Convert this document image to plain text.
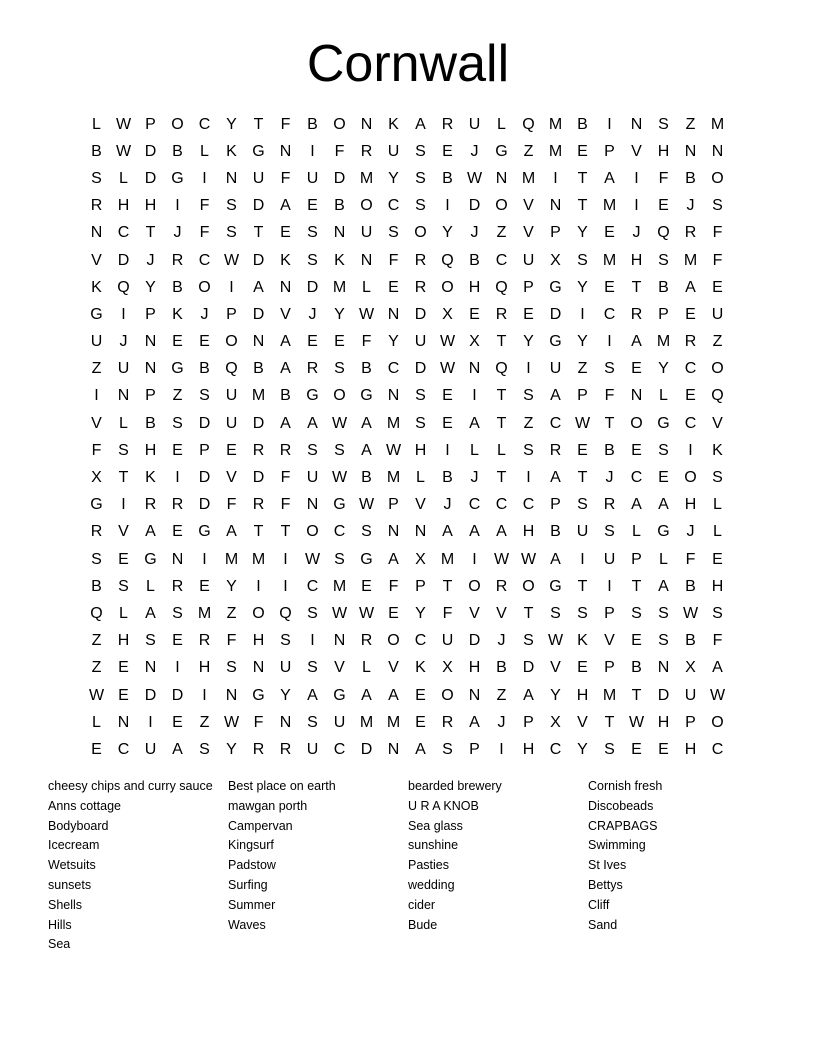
Cornwall
L W P O C Y	T	F	B O N K	A R U	L	Q M B	I	N S	Z M
B W D B	L	K G N	I	F	R U S	E	J	G Z M E	P	V H N N
S	L	D G	I	N U	F	U D M Y	S	B W N M	I	T	A	I	F	B O
R H H	I	F	S D A	E	B O C S	I	D O V N	T M	I	E	J	S
N C	T	J	F	S	T	E	S N U S O Y	J	Z	V	P	Y	E	J	Q R	F
V D	J	R C W D K	S	K N	F	R Q B C U X	S M H S M F
K Q Y	B O	I	A N D M L	E R O H Q P G Y	E	T	B	A	E
G	I	P	K	J	P D V	J	Y W N D X	E R E D	I	C R P	E U
U	J	N E	E O N A	E	E	F	Y U W X	T	Y G Y	I	A M R	Z
Z	U N G B Q B	A R S	B C D W N Q	I	U	Z	S	E	Y C O
I	N P	Z	S U M B G O G N S	E	I	T	S	A	P	F	N	L	E Q
V	L	B	S D U D A	A W A M S	E	A	T	Z	C W T O G C V
F	S H E	P	E R R S	S	A W H	I	L	L	S R E	B	E	S	I	K
X	T	K	I	D V D	F	U W B M L	B	J	T	I	A	T	J	C E O S
G	I	R R D	F	R	F	N G W P	V	J	C C C P	S R A	A H	L
R V	A	E G A	T	T O C S N N A	A	A H B U S	L	G	J	L
S	E G N	I	M M	I	W S G A	X M	I	W W A	I	U P	L	F	E
B	S	L	R E	Y	I	I	C M E	F	P	T O R O G T	I	T	A	B H
Q	L	A	S M Z O Q S W W E	Y	F	V	V	T	S	S	P	S	S W S
Z	H S	E R	F	H S	I	N R O C U D	J	S W K	V	E	S	B	F
Z	E N	I	H S N U S	V	L	V	K	X H B D V	E	P	B N X	A
W E D D	I	N G Y	A G A	A	E O N	Z	A	Y H M T	D U W
L	N	I	E	Z W F	N S U M M E R A	J	P	X	V	T W H P O
E C U A	S	Y R R U C D N A	S	P	I	H C Y	S	E	E H C
cheesy chips and curry sauce
Anns cottage
Bodyboard
Icecream
Wetsuits
sunsets
Shells
Hills
Sea
Best place on earth
mawgan porth
Campervan
Kingsurf
Padstow
Surfing
Summer
Waves
bearded brewery
U R A KNOB
Sea glass
sunshine
Pasties
wedding
cider
Bude
Cornish fresh
Discobeads
CRAPBAGS
Swimming
St Ives
Bettys
Cliff
Sand
